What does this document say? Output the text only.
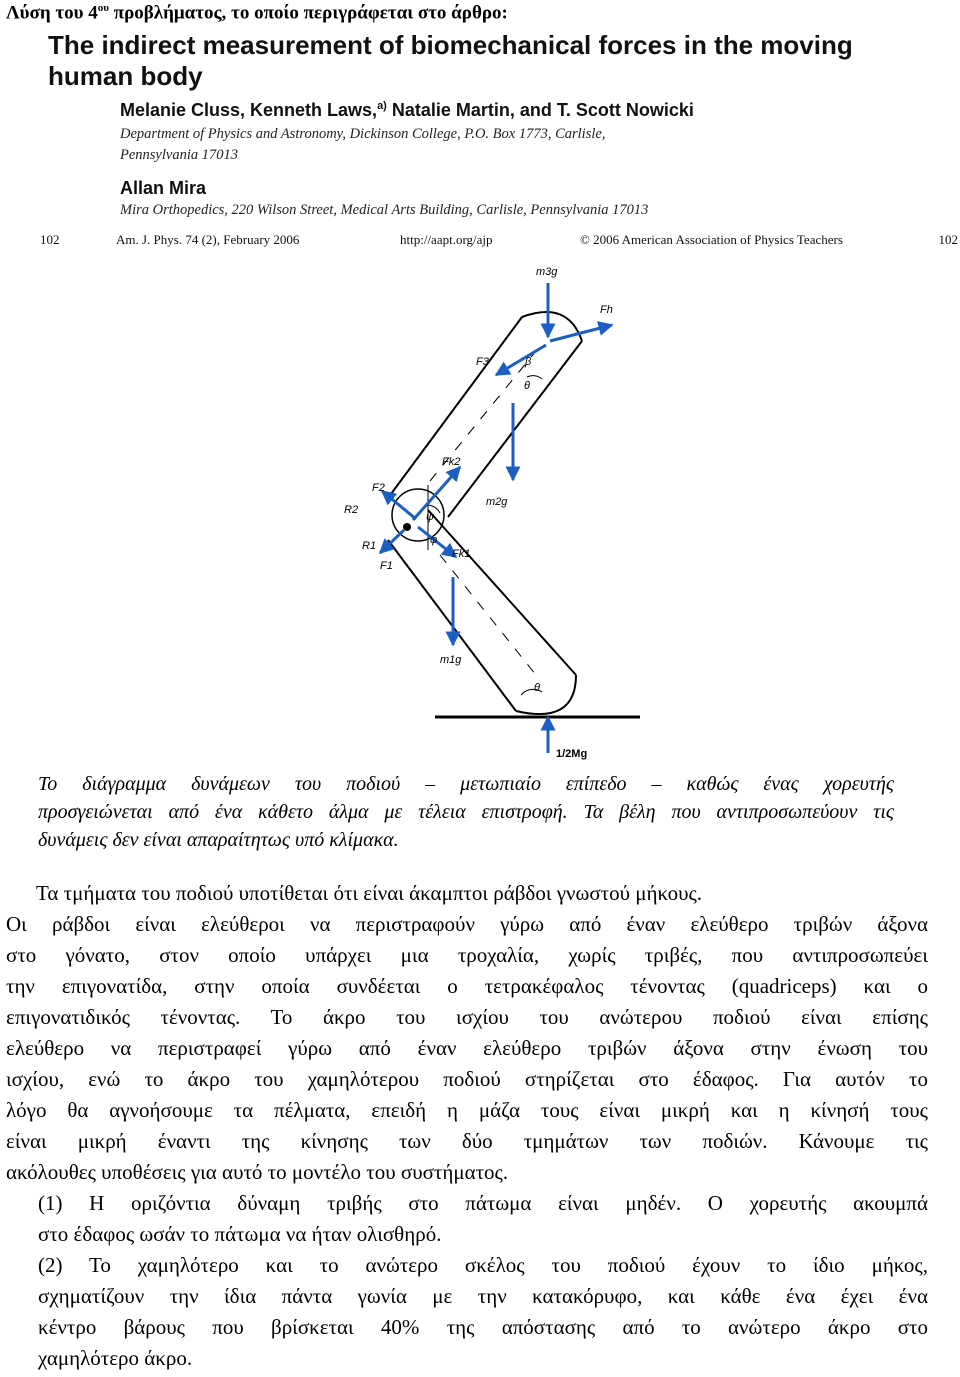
Λύση του $4^{o\upsilon}$ προβλήματος, το οποίο περιγράφεται στο άρθρο:
The indirect measurement of biomechanical forces in the moving
human body
Melanie Cluss, Kenneth Laws,$^{a)}$ Natalie Martin, and T. Scott Nowicki
Department of Physics and Astronomy, Dickinson College, P.O. Box 1773, Carlisle,
Pennsylvania 17013
Allan Mira
Mira Orthopedics, 220 Wilson Street, Medical Arts Building, Carlisle, Pennsylvania 17013
102	Am. J. Phys. 74 (2), February 2006	http://aapt.org/ajp	© 2006 American Association of Physics Teachers	102
m3g
Fh
F3	β
θ
Fk2
m2g
F2
R2
ψ
φ
R1
F1
Fk1
m1g
θ
1/2Mg
Το διάγραμμα δυνάμεων του ποδιού – μετωπιαίο επίπεδο – καθώς ένας χορευτής
προσγειώνεται από ένα κάθετο άλμα με τέλεια επιστροφή. Τα βέλη που αντιπροσωπεύουν τις
δυνάμεις δεν είναι απαραίτητως υπό κλίμακα.
Τα τμήματα του ποδιού υποτίθεται ότι είναι άκαμπτοι ράβδοι γνωστού μήκους.
Οι ράβδοι είναι ελεύθεροι να περιστραφούν γύρω από έναν ελεύθερο τριβών άξονα
στο γόνατο, στον οποίο υπάρχει μια τροχαλία, χωρίς τριβές, που αντιπροσωπεύει
την επιγονατίδα, στην οποία συνδέεται ο τετρακέφαλος τένοντας (quadriceps) και ο
επιγονατιδικός τένοντας. Το άκρο του ισχίου του ανώτερου ποδιού είναι επίσης
ελεύθερο να περιστραφεί γύρω από έναν ελεύθερο τριβών άξονα στην ένωση του
ισχίου, ενώ το άκρο του χαμηλότερου ποδιού στηρίζεται στο έδαφος. Για αυτόν το
λόγο θα αγνοήσουμε τα πέλματα, επειδή η μάζα τους είναι μικρή και η κίνησή τους
είναι μικρή έναντι της κίνησης των δύο τμημάτων των ποδιών. Κάνουμε τις
ακόλουθες υποθέσεις για αυτό το μοντέλο του συστήματος.
(1) Η οριζόντια δύναμη τριβής στο πάτωμα είναι μηδέν. Ο χορευτής ακουμπά
στο έδαφος ωσάν το πάτωμα να ήταν ολισθηρό.
(2) Το χαμηλότερο και το ανώτερο σκέλος του ποδιού έχουν το ίδιο μήκος,
σχηματίζουν την ίδια πάντα γωνία με την κατακόρυφο, και κάθε ένα έχει ένα
κέντρο βάρους που βρίσκεται 40% της απόστασης από το ανώτερο άκρο στο
χαμηλότερο άκρο.
